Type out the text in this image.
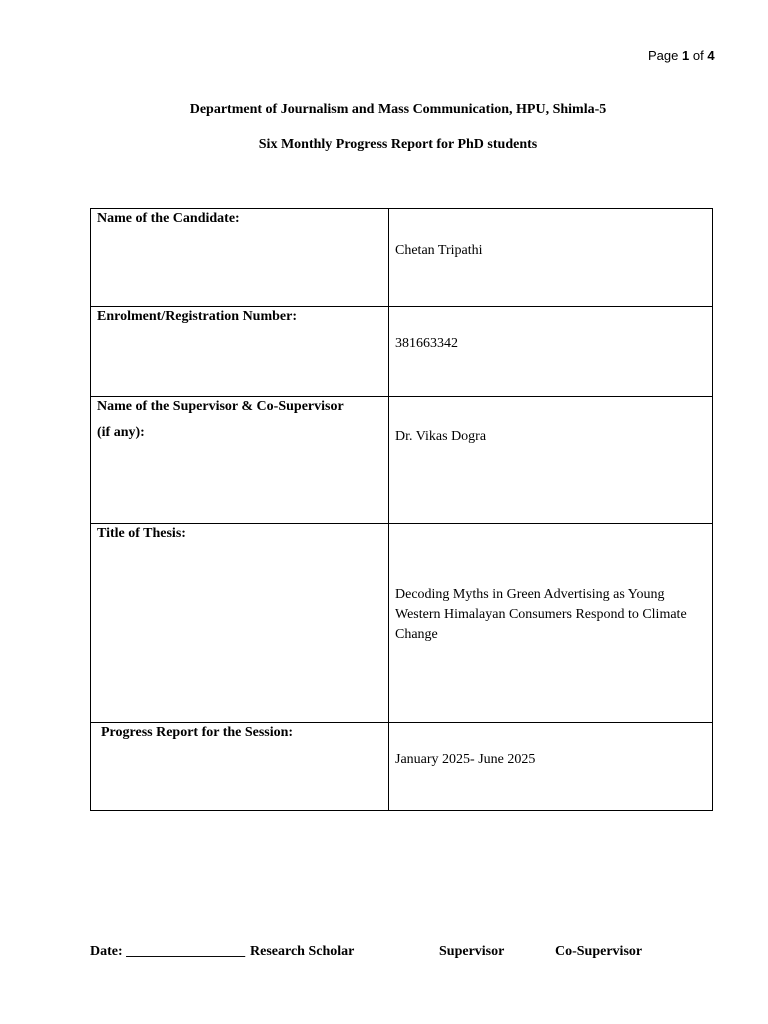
Page 1 of 4
Department of Journalism and Mass Communication, HPU, Shimla-5
Six Monthly Progress Report for PhD students
Name of the Candidate:	Chetan Tripathi

Enrolment/Registration Number:	381663342

Name of the Supervisor & Co-Supervisor
(if any):	Dr. Vikas Dogra

Title of Thesis:	Decoding Myths in Green Advertising as Young Western Himalayan Consumers Respond to Climate Change

Progress Report for the Session:	January 2025- June 2025
Date: _________________ Research Scholar	Supervisor	Co-Supervisor
